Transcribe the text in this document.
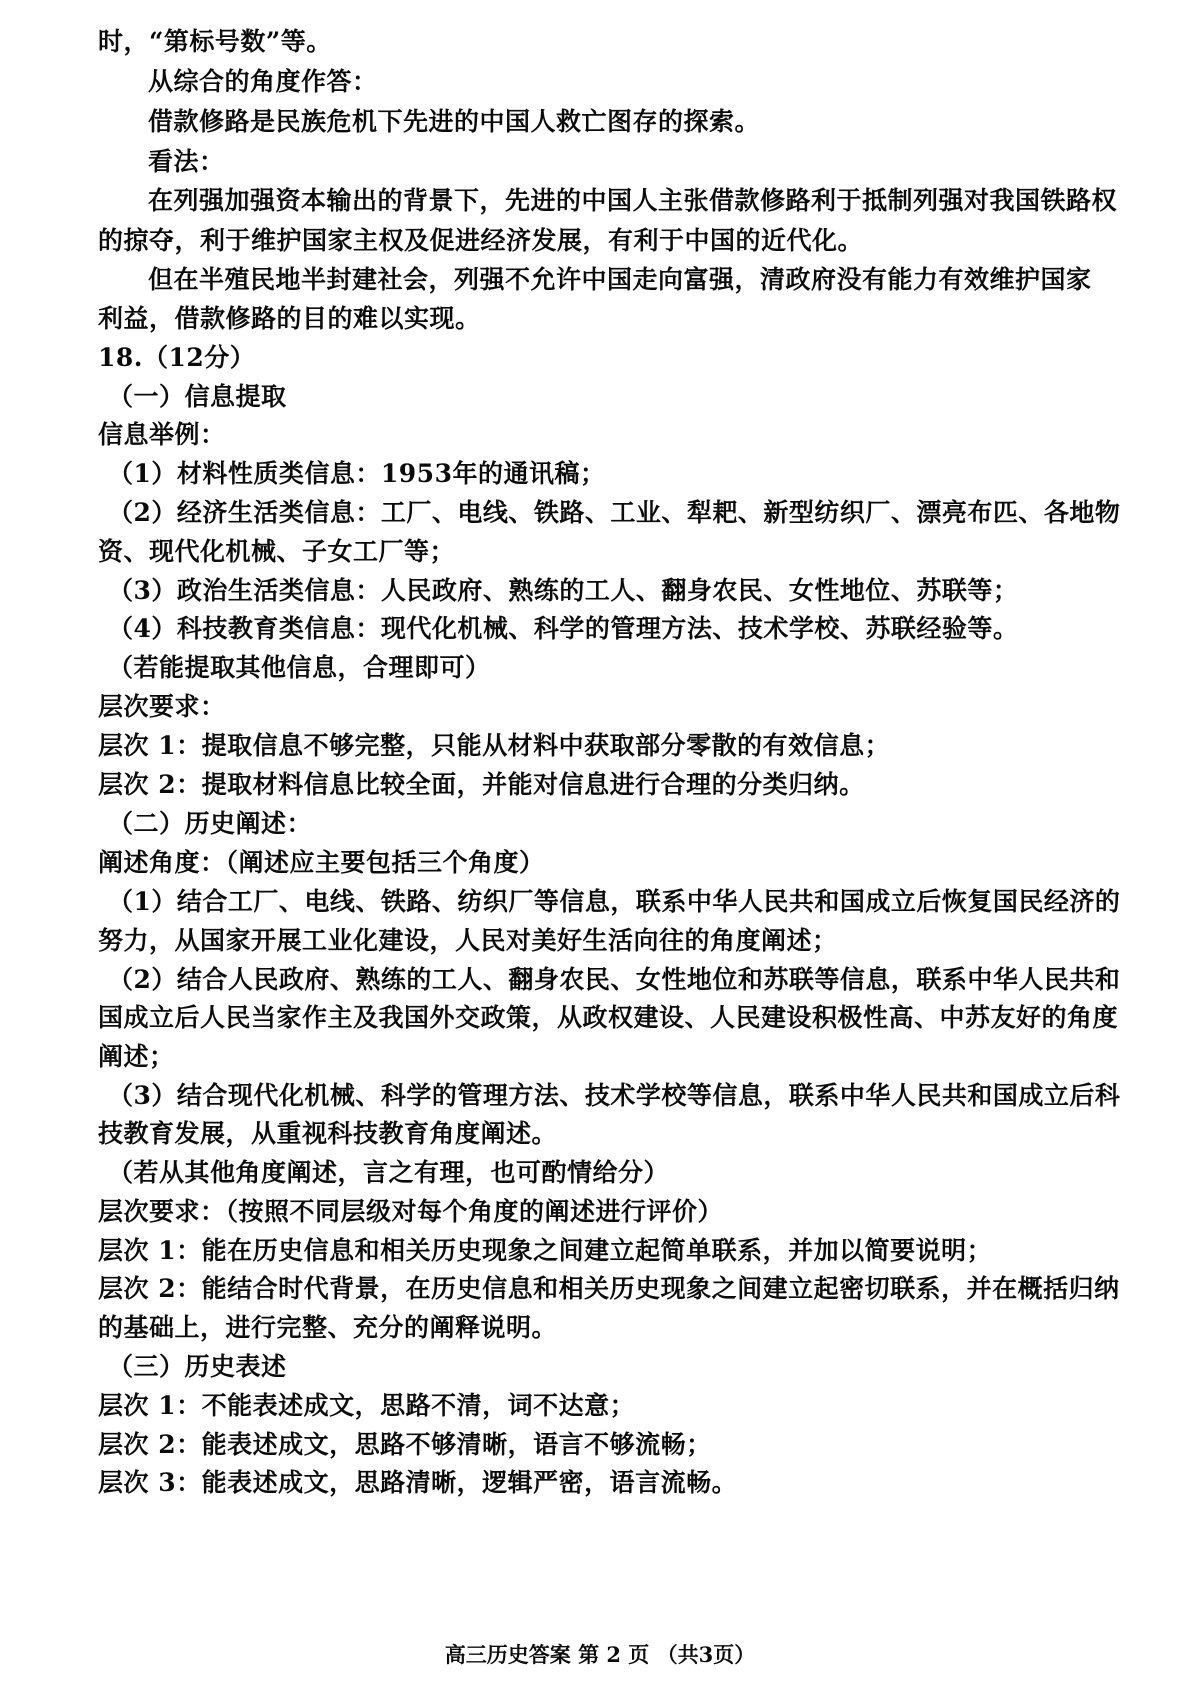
时，“第标号数”等。
从综合的角度作答：
借款修路是民族危机下先进的中国人救亡图存的探索。
看法：
在列强加强资本输出的背景下，先进的中国人主张借款修路利于抵制列强对我国铁路权
的掠夺，利于维护国家主权及促进经济发展，有利于中国的近代化。
但在半殖民地半封建社会，列强不允许中国走向富强，清政府没有能力有效维护国家
利益，借款修路的目的难以实现。
18.（12分）
（一）信息提取
信息举例：
（1）材料性质类信息：1953年的通讯稿；
（2）经济生活类信息：工厂、电线、铁路、工业、犁耙、新型纺织厂、漂亮布匹、各地物
资、现代化机械、子女工厂等；
（3）政治生活类信息：人民政府、熟练的工人、翻身农民、女性地位、苏联等；
（4）科技教育类信息：现代化机械、科学的管理方法、技术学校、苏联经验等。
（若能提取其他信息，合理即可）
层次要求：
层次 1：提取信息不够完整，只能从材料中获取部分零散的有效信息；
层次 2：提取材料信息比较全面，并能对信息进行合理的分类归纳。
（二）历史阐述：
阐述角度：（阐述应主要包括三个角度）
（1）结合工厂、电线、铁路、纺织厂等信息，联系中华人民共和国成立后恢复国民经济的
努力，从国家开展工业化建设，人民对美好生活向往的角度阐述；
（2）结合人民政府、熟练的工人、翻身农民、女性地位和苏联等信息，联系中华人民共和
国成立后人民当家作主及我国外交政策，从政权建设、人民建设积极性高、中苏友好的角度
阐述；
（3）结合现代化机械、科学的管理方法、技术学校等信息，联系中华人民共和国成立后科
技教育发展，从重视科技教育角度阐述。
（若从其他角度阐述，言之有理，也可酌情给分）
层次要求：（按照不同层级对每个角度的阐述进行评价）
层次 1：能在历史信息和相关历史现象之间建立起简单联系，并加以简要说明；
层次 2：能结合时代背景，在历史信息和相关历史现象之间建立起密切联系，并在概括归纳
的基础上，进行完整、充分的阐释说明。
（三）历史表述
层次 1：不能表述成文，思路不清，词不达意；
层次 2：能表述成文，思路不够清晰，语言不够流畅；
层次 3：能表述成文，思路清晰，逻辑严密，语言流畅。
高三历史答案 第 2 页 （共3页）
